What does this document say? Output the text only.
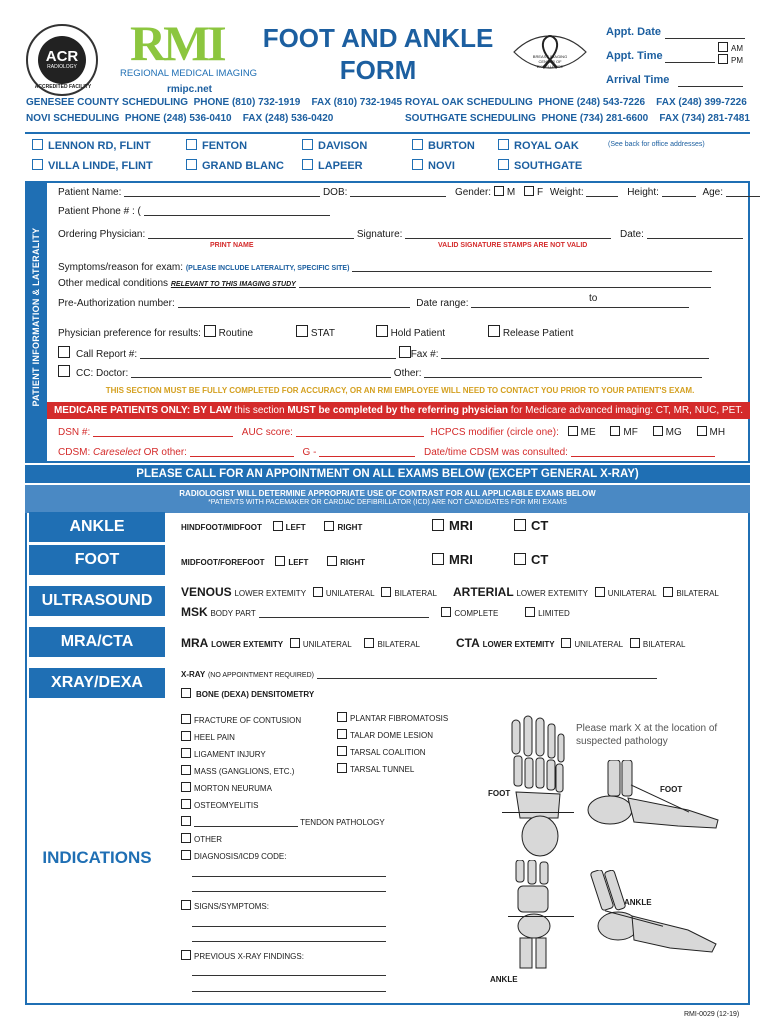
ACR
RADIOLOGY
ACCREDITED FACILITY
RMI
REGIONAL MEDICAL IMAGING
rmipc.net
FOOT AND ANKLE
FORM	BREAST IMAGING CENTER OF EXCELLENCE
Appt. Date
Appt. Time
AM
PM
Arrival Time
GENESEE COUNTY SCHEDULING  PHONE (810) 732-1919    FAX (810) 732-1945
NOVI SCHEDULING  PHONE (248) 536-0410    FAX (248) 536-0420
ROYAL OAK SCHEDULING  PHONE (248) 543-7226    FAX (248) 399-7226
SOUTHGATE SCHEDULING  PHONE (734) 281-6600    FAX (734) 281-7481
LENNON RD, FLINT	FENTON	DAVISON	BURTON	ROYAL OAK	(See back for office addresses)
VILLA LINDE, FLINT	GRAND BLANC	LAPEER	NOVI	SOUTHGATE
PATIENT INFORMATION & LATERALITY
Patient Name:	DOB:	Gender: M F Weight:	Height:	Age:
Patient Phone # : (
Ordering Physician:	Signature:	Date:
PRINT NAME	VALID SIGNATURE STAMPS ARE NOT VALID
Symptoms/reason for exam: (PLEASE INCLUDE LATERALITY, SPECIFIC SITE)
Other medical conditions RELEVANT TO THIS IMAGING STUDY
Pre-Authorization number:	Date range:	to
Physician preference for results: Routine	STAT	Hold Patient	Release Patient
Call Report #:	Fax #:
CC: Doctor:	Other:
THIS SECTION MUST BE FULLY COMPLETED FOR ACCURACY, OR AN RMI EMPLOYEE WILL NEED TO CONTACT YOU PRIOR TO YOUR PATIENT'S EXAM.
MEDICARE PATIENTS ONLY: BY LAW this section MUST be completed by the referring physician for Medicare advanced imaging: CT, MR, NUC, PET.
DSN #:	AUC score:	HCPCS modifier (circle one): ME	MF	MG	MH
CDSM: Careselect OR other:	G -	Date/time CDSM was consulted:
PLEASE CALL FOR AN APPOINTMENT ON ALL EXAMS BELOW (EXCEPT GENERAL X-RAY)
RADIOLOGIST WILL DETERMINE APPROPRIATE USE OF CONTRAST FOR ALL APPLICABLE EXAMS BELOW
*PATIENTS WITH PACEMAKER OR CARDIAC DEFIBRILLATOR (ICD) ARE NOT CANDIDATES FOR MRI EXAMS
ANKLE	HINDFOOT/MIDFOOT	LEFT	RIGHT	MRI	CT
FOOT	MIDFOOT/FOREFOOT	LEFT	RIGHT	MRI	CT
ULTRASOUND	VENOUS LOWER EXTEMITY UNILATERAL BILATERAL ARTERIAL LOWER EXTEMITY UNILATERAL BILATERAL
MSK BODY PART	COMPLETE	LIMITED
MRA/CTA	MRA LOWER EXTEMITY UNILATERAL	BILATERAL	CTA LOWER EXTEMITY UNILATERAL BILATERAL
XRAY/DEXA	X-RAY (NO APPOINTMENT REQUIRED)
BONE (DEXA) DENSITOMETRY
INDICATIONS
FRACTURE OF CONTUSION
HEEL PAIN
LIGAMENT INJURY
MASS (GANGLIONS, ETC.)
MORTON NEURUMA
OSTEOMYELITIS
TENDON PATHOLOGY
OTHER
DIAGNOSIS/ICD9 CODE:
SIGNS/SYMPTOMS:
PREVIOUS X-RAY FINDINGS:
PLANTAR FIBROMATOSIS
TALAR DOME LESION
TARSAL COALITION
TARSAL TUNNEL
Please mark X at the location of suspected pathology
FOOT	FOOT
ANKLE
ANKLE
RMI-0029 (12-19)
